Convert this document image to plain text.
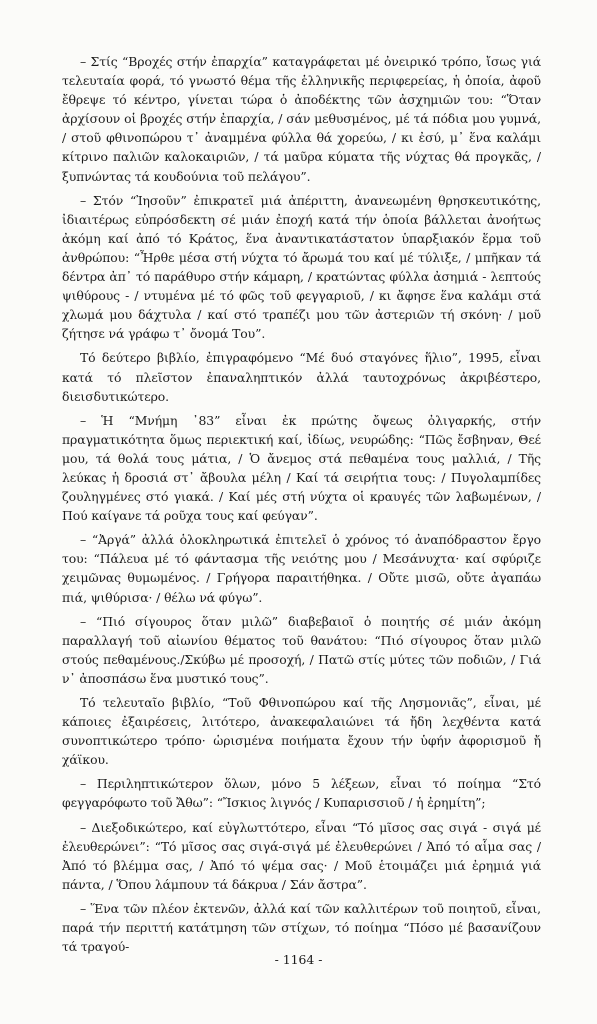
– Στίς “Βροχές στήν ἐπαρχία” καταγράφεται μέ ὀνειρικό τρόπο, ἴσως γιά τελευταία φορά, τό γνωστό θέμα τῆς ἑλληνικῆς περιφερείας, ἡ ὁποία, ἀφοῦ ἔθρεψε τό κέντρο, γίνεται τώρα ὁ ἀποδέκτης τῶν ἀσχημιῶν του: “Ὅταν ἀρχίσουν οἱ βροχές στήν ἐπαρχία, / σάν μεθυσμένος, μέ τά πόδια μου γυμνά, / στοῦ φθινοπώρου τ᾿ ἀναμμένα φύλλα θά χορεύω, / κι ἐσύ, μ᾿ ἕνα καλάμι κίτρινο παλιῶν καλοκαιριῶν, / τά μαῦρα κύματα τῆς νύχτας θά προγκᾶς, / ξυπνώντας τά κουδούνια τοῦ πελάγου”.

– Στόν “Ἰησοῦν” ἐπικρατεῖ μιά ἀπέριττη, ἀνανεωμένη θρησκευτικότης, ἰδιαιτέρως εὐπρόσδεκτη σέ μιάν ἐποχή κατά τήν ὁποία βάλλεται ἀνοήτως ἀκόμη καί ἀπό τό Κράτος, ἕνα ἀναντικατάστατον ὑπαρξιακόν ἕρμα τοῦ ἀνθρώπου: “Ἦρθε μέσα στή νύχτα τό ἄρωμά του καί μέ τύλιξε, / μπῆκαν τά δέντρα ἀπ᾿ τό παράθυρο στήν κάμαρη, / κρατώντας φύλλα ἀσημιά - λεπτούς ψιθύρους - / ντυμένα μέ τό φῶς τοῦ φεγγαριοῦ, / κι ἄφησε ἕνα καλάμι στά χλωμά μου δάχτυλα / καί στό τραπέζι μου τῶν ἀστεριῶν τή σκόνη· / μοῦ ζήτησε νά γράφω τ᾿ ὄνομά Του”.

Τό δεύτερο βιβλίο, ἐπιγραφόμενο “Μέ δυό σταγόνες ἥλιο”, 1995, εἶναι κατά τό πλεῖστον ἐπαναληπτικόν ἀλλά ταυτοχρόνως ἀκριβέστερο, διεισδυτικώτερο.

– Ἡ “Μνήμη ᾿83” εἶναι ἐκ πρώτης ὄψεως ὀλιγαρκής, στήν πραγματικότητα ὅμως περιεκτική καί, ἰδίως, νευρώδης: “Πῶς ἔσβηναν, Θεέ μου, τά θολά τους μάτια, / Ὁ ἄνεμος στά πεθαμένα τους μαλλιά, / Τῆς λεύκας ἡ δροσιά στ᾿ ἄβουλα μέλη / Καί τά σειρήτια τους: / Πυγολαμπίδες ζουληγμένες στό γιακά. / Καί μές στή νύχτα οἱ κραυγές τῶν λαβωμένων, / Πού καίγανε τά ροῦχα τους καί φεύγαν”.

– “Ἀργά” ἀλλά ὁλοκληρωτικά ἐπιτελεῖ ὁ χρόνος τό ἀναπόδραστον ἔργο του: “Πάλευα μέ τό φάντασμα τῆς νειότης μου / Μεσάνυχτα· καί σφύριζε χειμῶνας θυμωμένος. / Γρήγορα παραιτήθηκα. / Οὔτε μισῶ, οὔτε ἀγαπάω πιά, ψιθύρισα· / θέλω νά φύγω”.

– “Πιό σίγουρος ὅταν μιλῶ” διαβεβαιοῖ ὁ ποιητής σέ μιάν ἀκόμη παραλλαγή τοῦ αἰωνίου θέματος τοῦ θανάτου: “Πιό σίγουρος ὅταν μιλῶ στούς πεθαμένους./Σκύβω μέ προσοχή, / Πατῶ στίς μύτες τῶν ποδιῶν, / Γιά ν᾿ ἀποσπάσω ἕνα μυστικό τους”.

Τό τελευταῖο βιβλίο, “Τοῦ Φθινοπώρου καί τῆς Λησμονιᾶς”, εἶναι, μέ κάποιες ἐξαιρέσεις, λιτότερο, ἀνακεφαλαιώνει τά ἤδη λεχθέντα κατά συνοπτικώτερο τρόπο· ὡρισμένα ποιήματα ἔχουν τήν ὑφήν ἀφορισμοῦ ἤ χάϊκου.

– Περιληπτικώτερον ὅλων, μόνο 5 λέξεων, εἶναι τό ποίημα “Στό φεγγαρόφωτο τοῦ Ἄθω”: “Ἴσκιος λιγνός / Κυπαρισσιοῦ / ἡ ἐρημίτη”;

– Διεξοδικώτερο, καί εὐγλωττότερο, εἶναι “Τό μῖσος σας σιγά - σιγά μέ ἐλευθερώνει”: “Τό μῖσος σας σιγά-σιγά μέ ἐλευθερώνει / Ἀπό τό αἷμα σας / Ἀπό τό βλέμμα σας, / Ἀπό τό ψέμα σας· / Μοῦ ἑτοιμάζει μιά ἐρημιά γιά πάντα, / Ὅπου λάμπουν τά δάκρυα / Σάν ἄστρα”.

– Ἕνα τῶν πλέον ἐκτενῶν, ἀλλά καί τῶν καλλιτέρων τοῦ ποιητοῦ, εἶναι, παρά τήν περιττή κατάτμηση τῶν στίχων, τό ποίημα “Πόσο μέ βασανίζουν τά τραγού-

- 1164 -
